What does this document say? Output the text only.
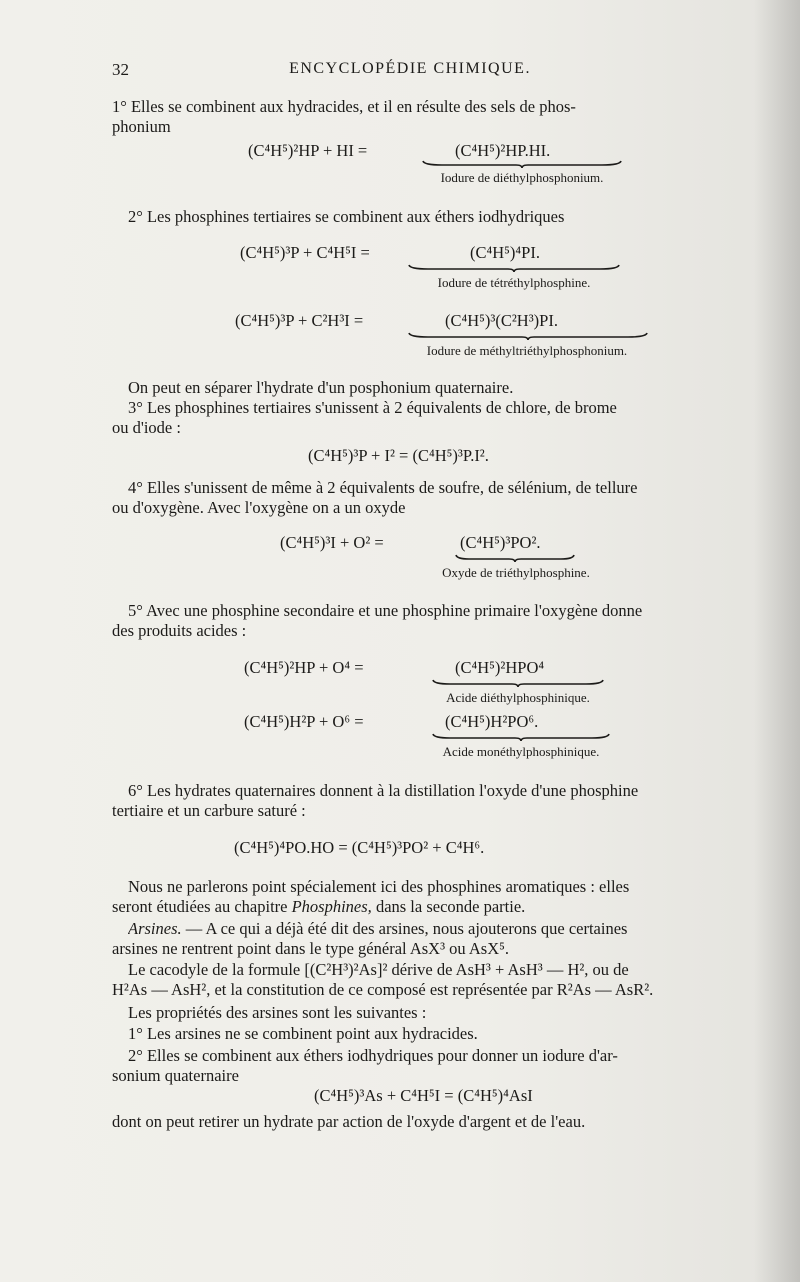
32	ENCYCLOPÉDIE CHIMIQUE.
1° Elles se combinent aux hydracides, et il en résulte des sels de phos-
phonium
(C⁴H⁵)²HP + HI =	(C⁴H⁵)²HP.HI.
Iodure de diéthylphosphonium.
2° Les phosphines tertiaires se combinent aux éthers iodhydriques
(C⁴H⁵)³P + C⁴H⁵I =	(C⁴H⁵)⁴PI.
Iodure de tétréthylphosphine.
(C⁴H⁵)³P + C²H³I =	(C⁴H⁵)³(C²H³)PI.
Iodure de méthyltriéthylphosphonium.
On peut en séparer l'hydrate d'un posphonium quaternaire.
3° Les phosphines tertiaires s'unissent à 2 équivalents de chlore, de brome
ou d'iode :
(C⁴H⁵)³P + I² = (C⁴H⁵)³P.I².
4° Elles s'unissent de même à 2 équivalents de soufre, de sélénium, de tellure
ou d'oxygène. Avec l'oxygène on a un oxyde
(C⁴H⁵)³I + O² =	(C⁴H⁵)³PO².
Oxyde de triéthylphosphine.
5° Avec une phosphine secondaire et une phosphine primaire l'oxygène donne
des produits acides :
(C⁴H⁵)²HP + O⁴ =	(C⁴H⁵)²HPO⁴
Acide diéthylphosphinique.
(C⁴H⁵)H²P + O⁶ =	(C⁴H⁵)H²PO⁶.
Acide monéthylphosphinique.
6° Les hydrates quaternaires donnent à la distillation l'oxyde d'une phosphine
tertiaire et un carbure saturé :
(C⁴H⁵)⁴PO.HO = (C⁴H⁵)³PO² + C⁴H⁶.
Nous ne parlerons point spécialement ici des phosphines aromatiques : elles
seront étudiées au chapitre Phosphines, dans la seconde partie.
Arsines. — A ce qui a déjà été dit des arsines, nous ajouterons que certaines
arsines ne rentrent point dans le type général AsX³ ou AsX⁵.
Le cacodyle de la formule [(C²H³)²As]² dérive de AsH³ + AsH³ — H², ou de
H²As — AsH², et la constitution de ce composé est représentée par R²As — AsR².
Les propriétés des arsines sont les suivantes :
1° Les arsines ne se combinent point aux hydracides.
2° Elles se combinent aux éthers iodhydriques pour donner un iodure d'ar-
sonium quaternaire
(C⁴H⁵)³As + C⁴H⁵I = (C⁴H⁵)⁴AsI
dont on peut retirer un hydrate par action de l'oxyde d'argent et de l'eau.
